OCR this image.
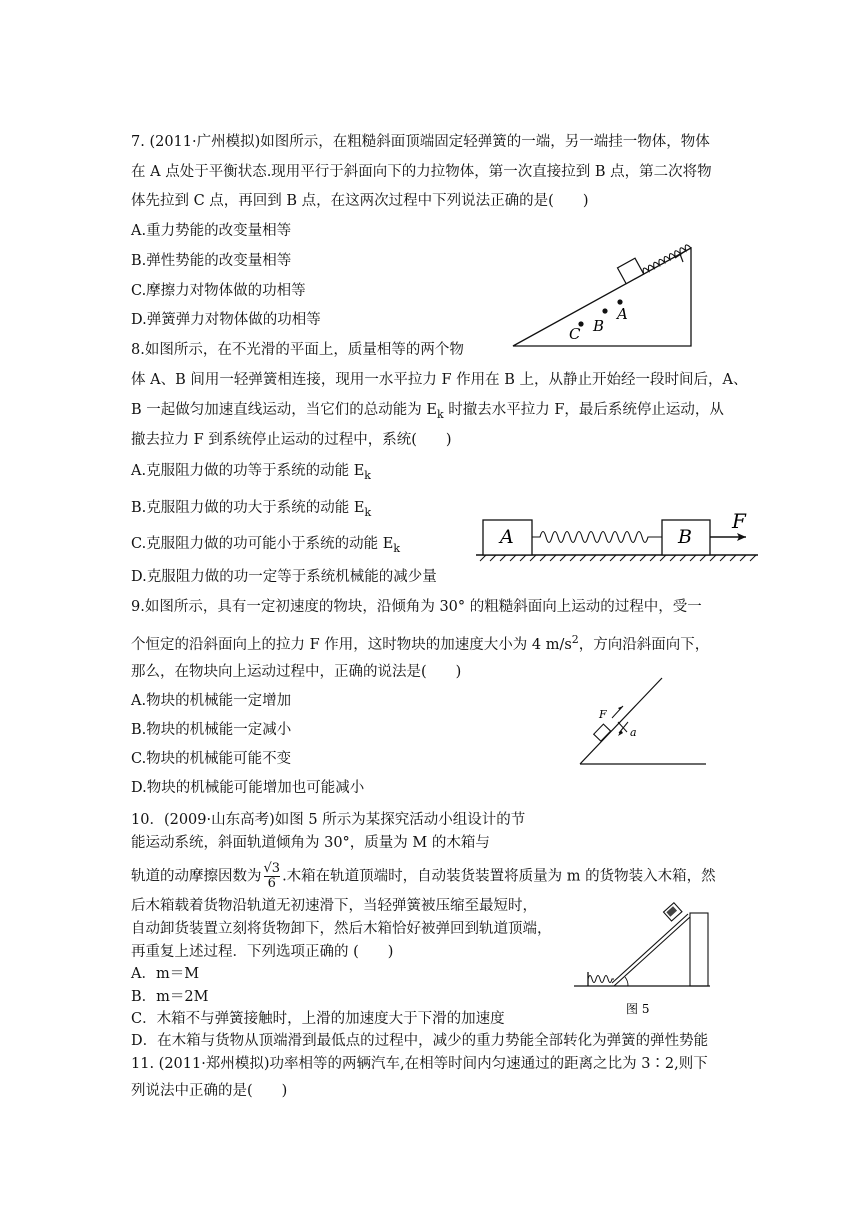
7. (2011·广州模拟)如图所示，在粗糙斜面顶端固定轻弹簧的一端，另一端挂一物体，物体
在 A 点处于平衡状态.现用平行于斜面向下的力拉物体，第一次直接拉到 B 点，第二次将物
体先拉到 C 点，再回到 B 点，在这两次过程中下列说法正确的是(　　)
A.重力势能的改变量相等
B.弹性势能的改变量相等
C.摩擦力对物体做的功相等
D.弹簧弹力对物体做的功相等	A
B
C
8.如图所示，在不光滑的平面上，质量相等的两个物
体 A、B 间用一轻弹簧相连接，现用一水平拉力 F 作用在 B 上，从静止开始经一段时间后，A、
B 一起做匀加速直线运动，当它们的总动能为 $E_k$ 时撤去水平拉力 F，最后系统停止运动，从
撤去拉力 F 到系统停止运动的过程中，系统(　　)
A.克服阻力做的功等于系统的动能 $E_k$
B.克服阻力做的功大于系统的动能 $E_k$
C.克服阻力做的功可能小于系统的动能 $E_k$
D.克服阻力做的功一定等于系统机械能的减少量
A	B
F
9.如图所示，具有一定初速度的物块，沿倾角为 30° 的粗糙斜面向上运动的过程中，受一
个恒定的沿斜面向上的拉力 F 作用，这时物块的加速度大小为 4 $m/s^2$，方向沿斜面向下，
那么，在物块向上运动过程中，正确的说法是(　　)
A.物块的机械能一定增加
B.物块的机械能一定减小
C.物块的机械能可能不变
D.物块的机械能可能增加也可能减小
F
a
10．(2009·山东高考)如图 5 所示为某探究活动小组设计的节
能运动系统，斜面轨道倾角为 30°，质量为 M 的木箱与
轨道的动摩擦因数为 $\frac{√3}{6}$ .木箱在轨道顶端时，自动装货装置将质量为 m 的货物装入木箱，然
后木箱载着货物沿轨道无初速滑下，当轻弹簧被压缩至最短时，
自动卸货装置立刻将货物卸下，然后木箱恰好被弹回到轨道顶端，
再重复上述过程．下列选项正确的 (　　)
A．m＝M
B．m＝2M
C．木箱不与弹簧接触时，上滑的加速度大于下滑的加速度
D．在木箱与货物从顶端滑到最低点的过程中，减少的重力势能全部转化为弹簧的弹性势能
图 5
11. (2011·郑州模拟)功率相等的两辆汽车,在相等时间内匀速通过的距离之比为 3∶2,则下
列说法中正确的是(　　)
